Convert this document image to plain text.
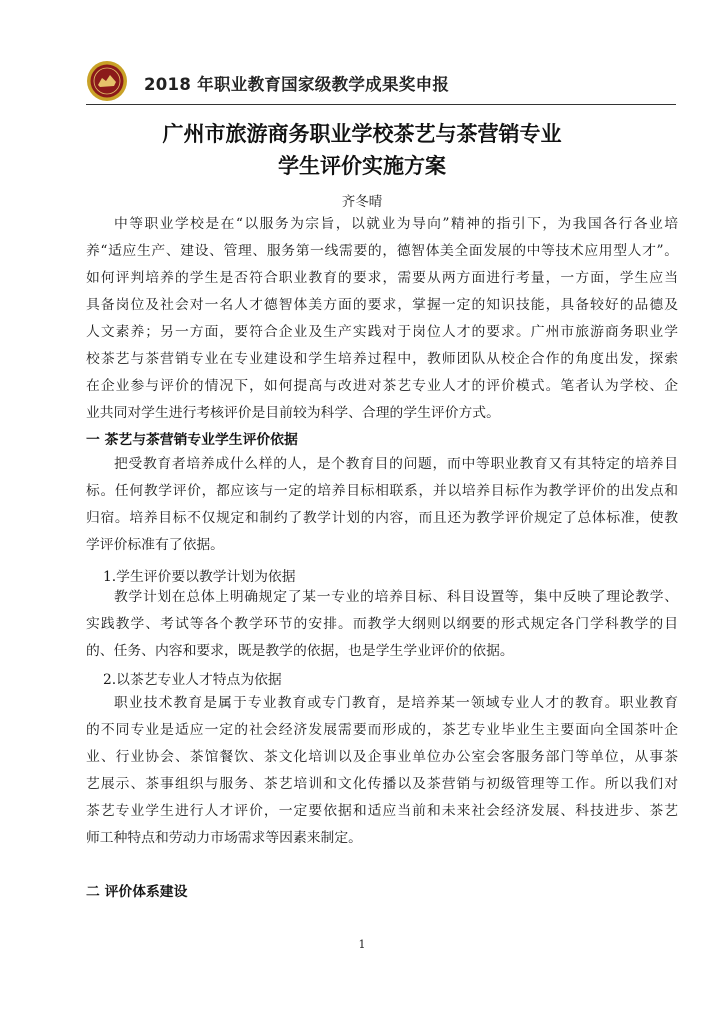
2018 年职业教育国家级教学成果奖申报
广州市旅游商务职业学校茶艺与茶营销专业
学生评价实施方案
齐冬晴
中等职业学校是在“以服务为宗旨，以就业为导向”精神的指引下，为我国各行各业培
养“适应生产、建设、管理、服务第一线需要的，德智体美全面发展的中等技术应用型人才”。
如何评判培养的学生是否符合职业教育的要求，需要从两方面进行考量，一方面，学生应当
具备岗位及社会对一名人才德智体美方面的要求，掌握一定的知识技能，具备较好的品德及
人文素养；另一方面，要符合企业及生产实践对于岗位人才的要求。广州市旅游商务职业学
校茶艺与茶营销专业在专业建设和学生培养过程中，教师团队从校企合作的角度出发，探索
在企业参与评价的情况下，如何提高与改进对茶艺专业人才的评价模式。笔者认为学校、企
业共同对学生进行考核评价是目前较为科学、合理的学生评价方式。
一 茶艺与茶营销专业学生评价依据
把受教育者培养成什么样的人，是个教育目的问题，而中等职业教育又有其特定的培养目
标。任何教学评价，都应该与一定的培养目标相联系，并以培养目标作为教学评价的出发点和
归宿。培养目标不仅规定和制约了教学计划的内容，而且还为教学评价规定了总体标准，使教
学评价标准有了依据。
1.学生评价要以教学计划为依据
教学计划在总体上明确规定了某一专业的培养目标、科目设置等，集中反映了理论教学、
实践教学、考试等各个教学环节的安排。而教学大纲则以纲要的形式规定各门学科教学的目
的、任务、内容和要求，既是教学的依据，也是学生学业评价的依据。
2.以茶艺专业人才特点为依据
职业技术教育是属于专业教育或专门教育，是培养某一领域专业人才的教育。职业教育
的不同专业是适应一定的社会经济发展需要而形成的，茶艺专业毕业生主要面向全国茶叶企
业、行业协会、茶馆餐饮、茶文化培训以及企事业单位办公室会客服务部门等单位，从事茶
艺展示、茶事组织与服务、茶艺培训和文化传播以及茶营销与初级管理等工作。所以我们对
茶艺专业学生进行人才评价，一定要依据和适应当前和未来社会经济发展、科技进步、茶艺
师工种特点和劳动力市场需求等因素来制定。
二 评价体系建设
1
